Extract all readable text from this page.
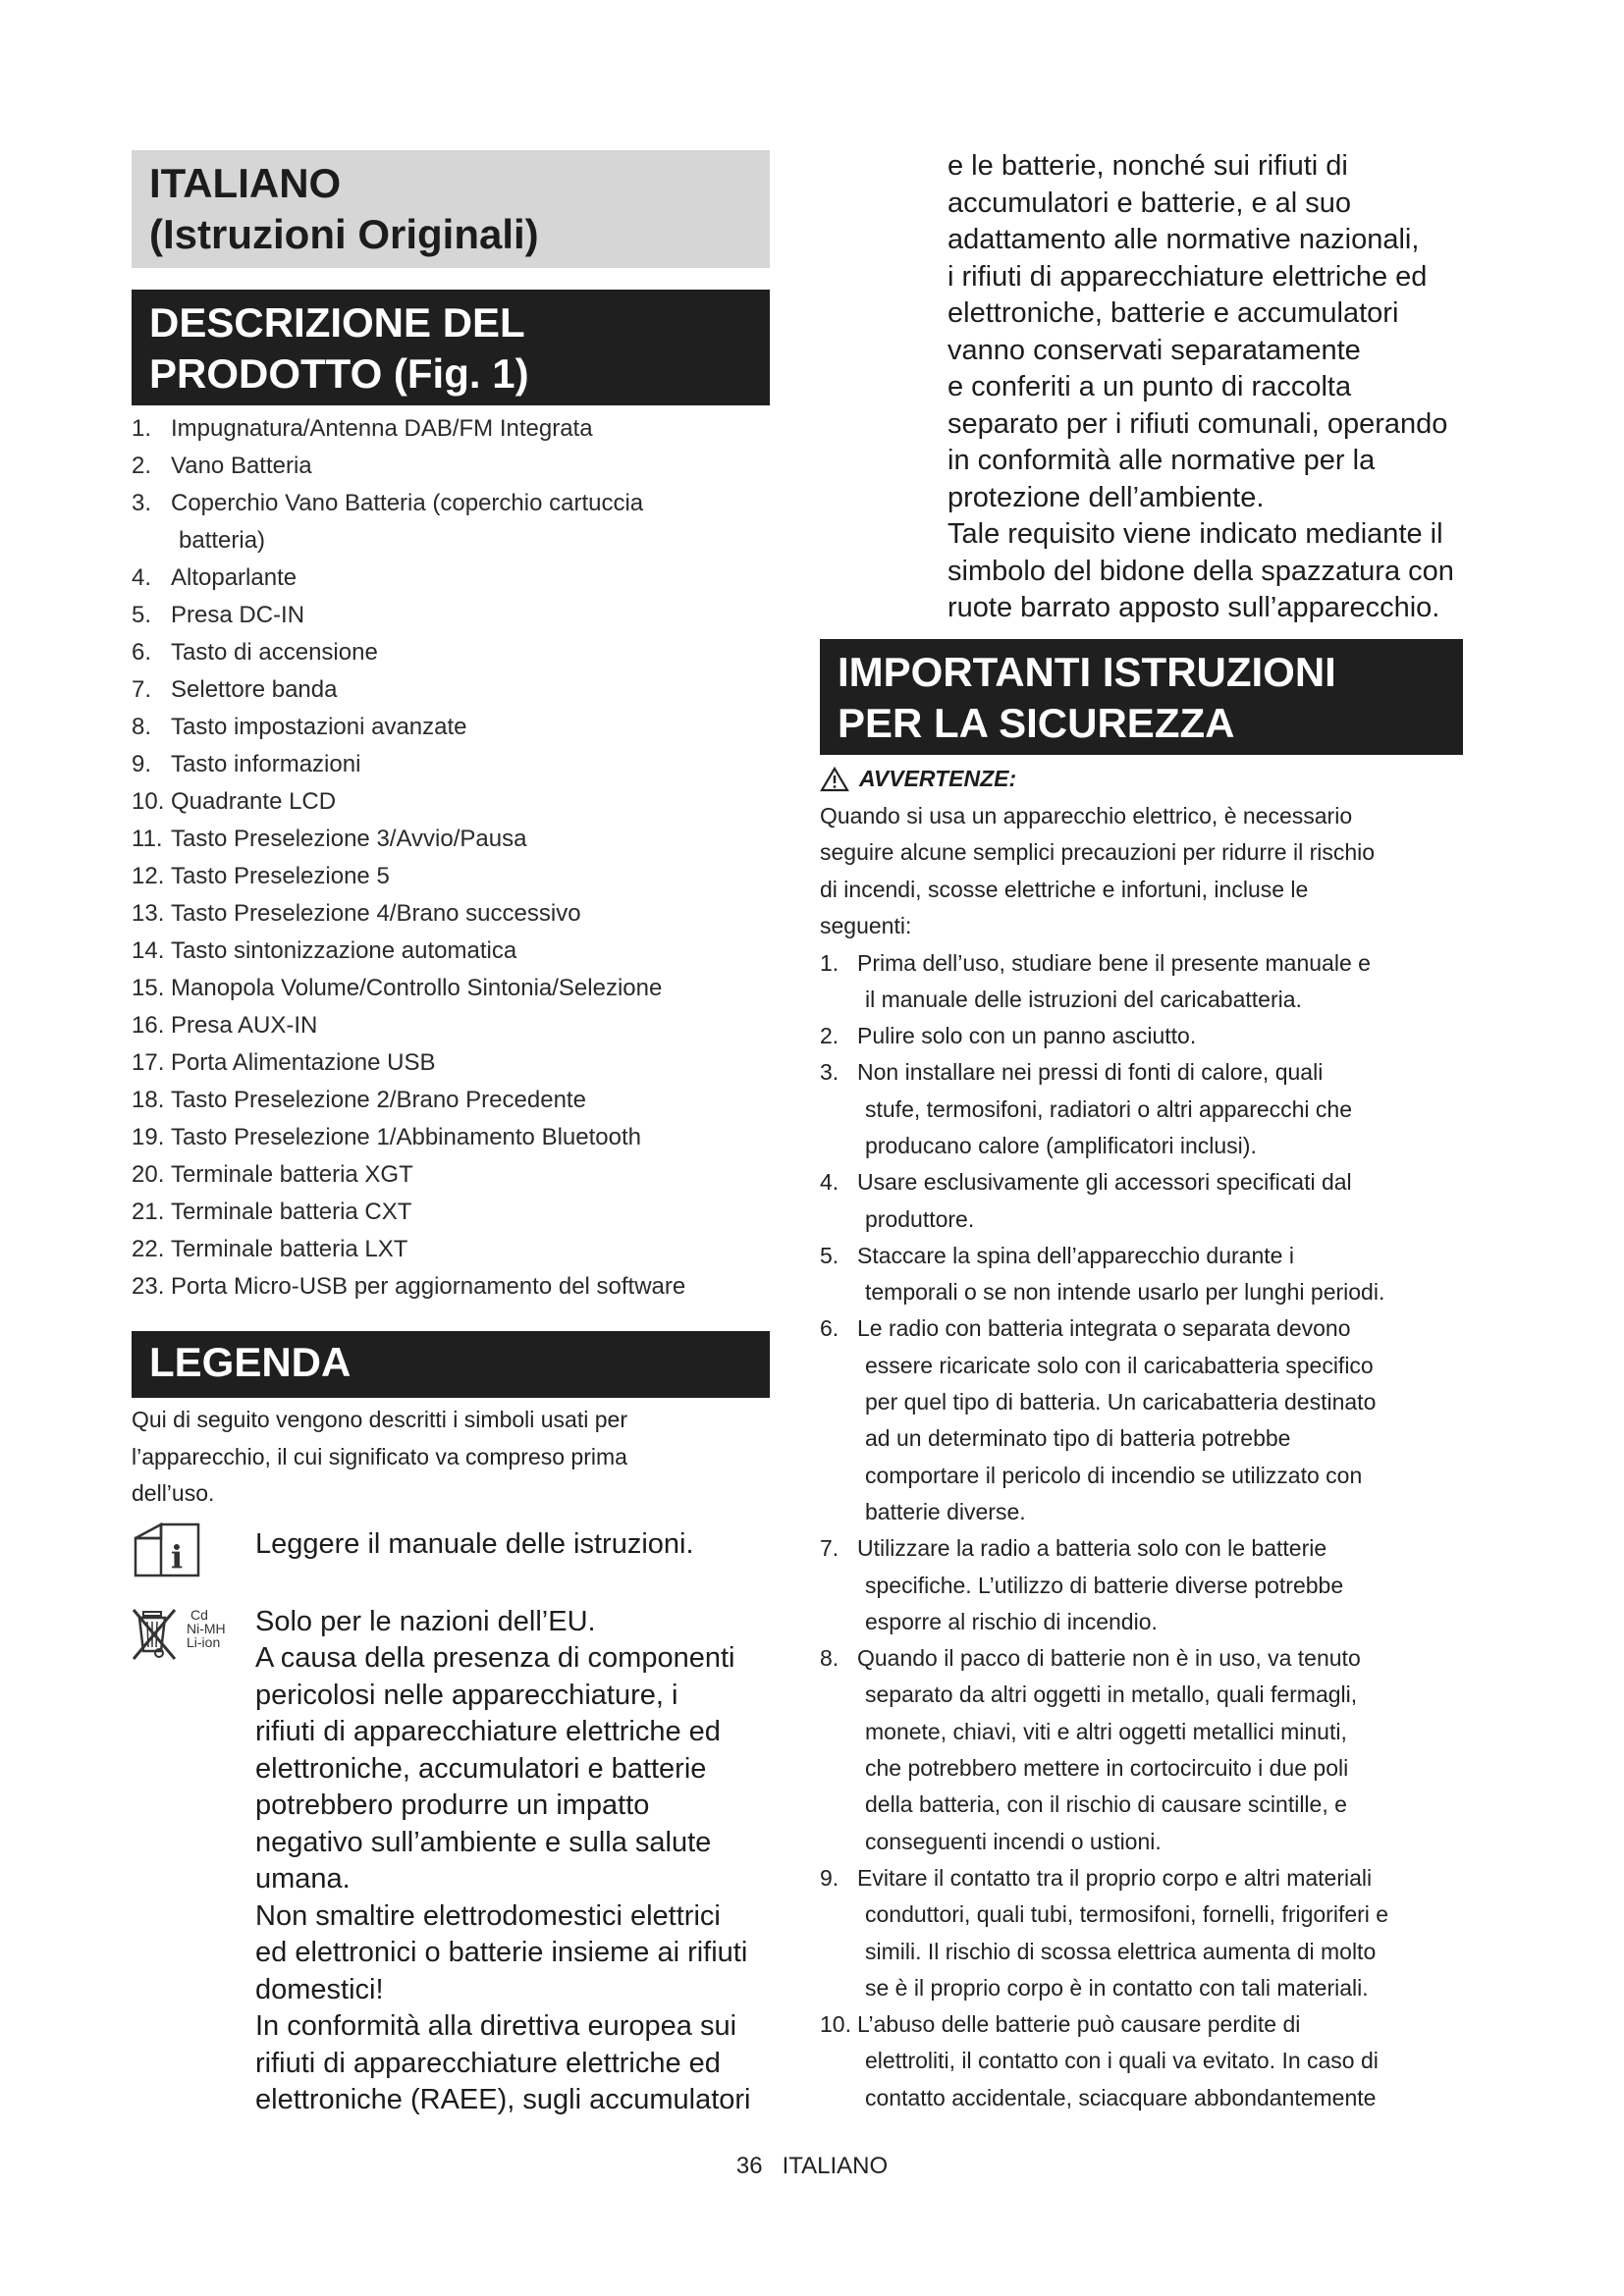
ITALIANO
(Istruzioni Originali)
DESCRIZIONE DEL
PRODOTTO (Fig. 1)
1. Impugnatura/Antenna DAB/FM Integrata
2. Vano Batteria
3. Coperchio Vano Batteria (coperchio cartuccia
batteria)
4. Altoparlante
5. Presa DC-IN
6. Tasto di accensione
7. Selettore banda
8. Tasto impostazioni avanzate
9. Tasto informazioni
10. Quadrante LCD
11. Tasto Preselezione 3/Avvio/Pausa
12. Tasto Preselezione 5
13. Tasto Preselezione 4/Brano successivo
14. Tasto sintonizzazione automatica
15. Manopola Volume/Controllo Sintonia/Selezione
16. Presa AUX-IN
17. Porta Alimentazione USB
18. Tasto Preselezione 2/Brano Precedente
19. Tasto Preselezione 1/Abbinamento Bluetooth
20. Terminale batteria XGT
21. Terminale batteria CXT
22. Terminale batteria LXT
23. Porta Micro-USB per aggiornamento del software
LEGENDA
Qui di seguito vengono descritti i simboli usati per
l’apparecchio, il cui significato va compreso prima
dell’uso.
i	Leggere il manuale delle istruzioni.
Cd
Ni-MH
Li-ion
Solo per le nazioni dell’EU.
A causa della presenza di componenti
pericolosi nelle apparecchiature, i
rifiuti di apparecchiature elettriche ed
elettroniche, accumulatori e batterie
potrebbero produrre un impatto
negativo sull’ambiente e sulla salute
umana.
Non smaltire elettrodomestici elettrici
ed elettronici o batterie insieme ai rifiuti
domestici!
In conformità alla direttiva europea sui
rifiuti di apparecchiature elettriche ed
elettroniche (RAEE), sugli accumulatori
e le batterie, nonché sui rifiuti di
accumulatori e batterie, e al suo
adattamento alle normative nazionali,
i rifiuti di apparecchiature elettriche ed
elettroniche, batterie e accumulatori
vanno conservati separatamente
e conferiti a un punto di raccolta
separato per i rifiuti comunali, operando
in conformità alle normative per la
protezione dell’ambiente.
Tale requisito viene indicato mediante il
simbolo del bidone della spazzatura con
ruote barrato apposto sull’apparecchio.
IMPORTANTI ISTRUZIONI
PER LA SICUREZZA
AVVERTENZE:
Quando si usa un apparecchio elettrico, è necessario
seguire alcune semplici precauzioni per ridurre il rischio
di incendi, scosse elettriche e infortuni, incluse le
seguenti:
1. Prima dell’uso, studiare bene il presente manuale e
il manuale delle istruzioni del caricabatteria.
2. Pulire solo con un panno asciutto.
3. Non installare nei pressi di fonti di calore, quali
stufe, termosifoni, radiatori o altri apparecchi che
producano calore (amplificatori inclusi).
4. Usare esclusivamente gli accessori specificati dal
produttore.
5. Staccare la spina dell’apparecchio durante i
temporali o se non intende usarlo per lunghi periodi.
6. Le radio con batteria integrata o separata devono
essere ricaricate solo con il caricabatteria specifico
per quel tipo di batteria. Un caricabatteria destinato
ad un determinato tipo di batteria potrebbe
comportare il pericolo di incendio se utilizzato con
batterie diverse.
7. Utilizzare la radio a batteria solo con le batterie
specifiche. L’utilizzo di batterie diverse potrebbe
esporre al rischio di incendio.
8. Quando il pacco di batterie non è in uso, va tenuto
separato da altri oggetti in metallo, quali fermagli,
monete, chiavi, viti e altri oggetti metallici minuti,
che potrebbero mettere in cortocircuito i due poli
della batteria, con il rischio di causare scintille, e
conseguenti incendi o ustioni.
9. Evitare il contatto tra il proprio corpo e altri materiali
conduttori, quali tubi, termosifoni, fornelli, frigoriferi e
simili. Il rischio di scossa elettrica aumenta di molto
se è il proprio corpo è in contatto con tali materiali.
10. L’abuso delle batterie può causare perdite di
elettroliti, il contatto con i quali va evitato. In caso di
contatto accidentale, sciacquare abbondantemente
36 ITALIANO
